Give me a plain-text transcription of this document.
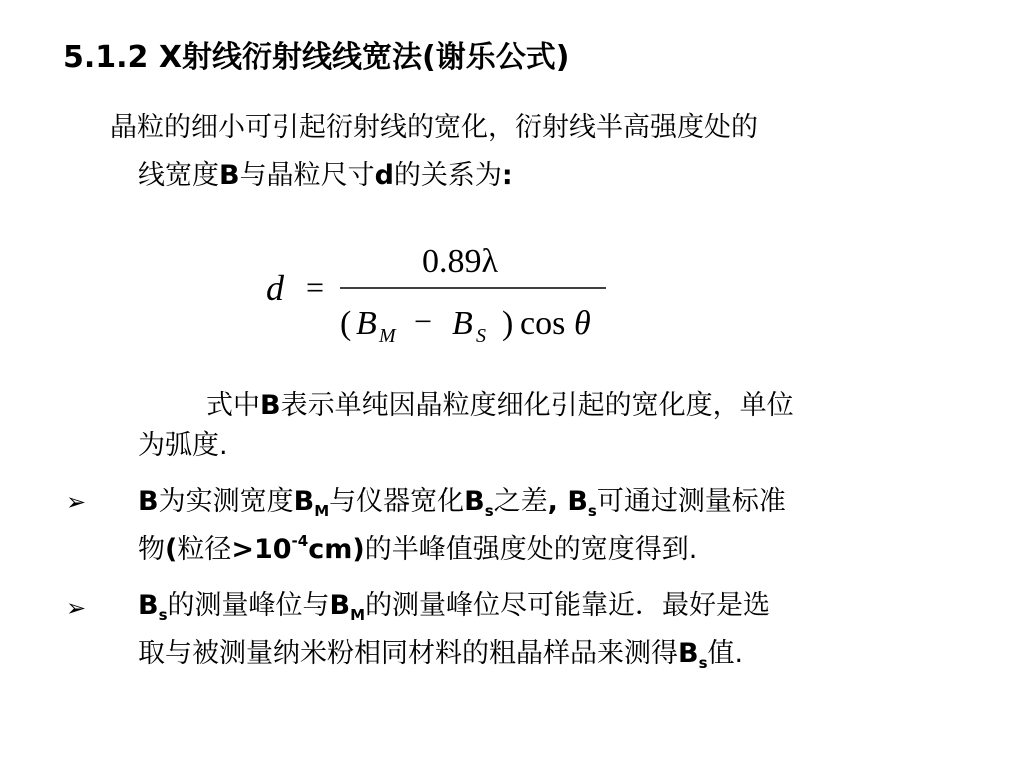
5.1.2 X射线衍射线线宽法(谢乐公式)
晶粒的细小可引起衍射线的宽化，衍射线半高强度处的
线宽度B与晶粒尺寸d的关系为:
d =
0.89λ
( B M − B S ) cos θ
式中B表示单纯因晶粒度细化引起的宽化度，单位
为弧度.
➢ B为实测宽度$B_M$与仪器宽化$B_s$之差, $B_s$可通过测量标准
物(粒径$>10^{-4}cm$)的半峰值强度处的宽度得到.
➢ $B_s$的测量峰位与$B_M$的测量峰位尽可能靠近．最好是选
取与被测量纳米粉相同材料的粗晶样品来测得$B_s$值.
